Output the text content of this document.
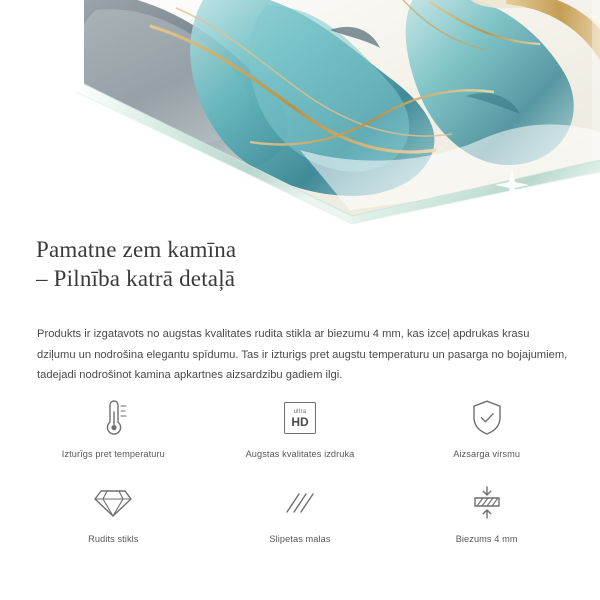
Pamatne zem kamīna
– Pilnība katrā detaļā

Produkts ir izgatavots no augstas kvalitates rudita stikla ar biezumu 4 mm, kas izceļ apdrukas krasu dziļumu un nodrošina elegantu spīdumu. Tas ir izturigs pret augstu temperaturu un pasarga no bojajumiem, tadejadi nodrošinot kamina apkartnes aizsardzibu gadiem ilgi.

Izturīgs pret temperaturu
ultra
HD
Augstas kvalitates izdruka	Aizsarga virsmu
Rudits stikls	Slipetas malas	Biezums 4 mm
